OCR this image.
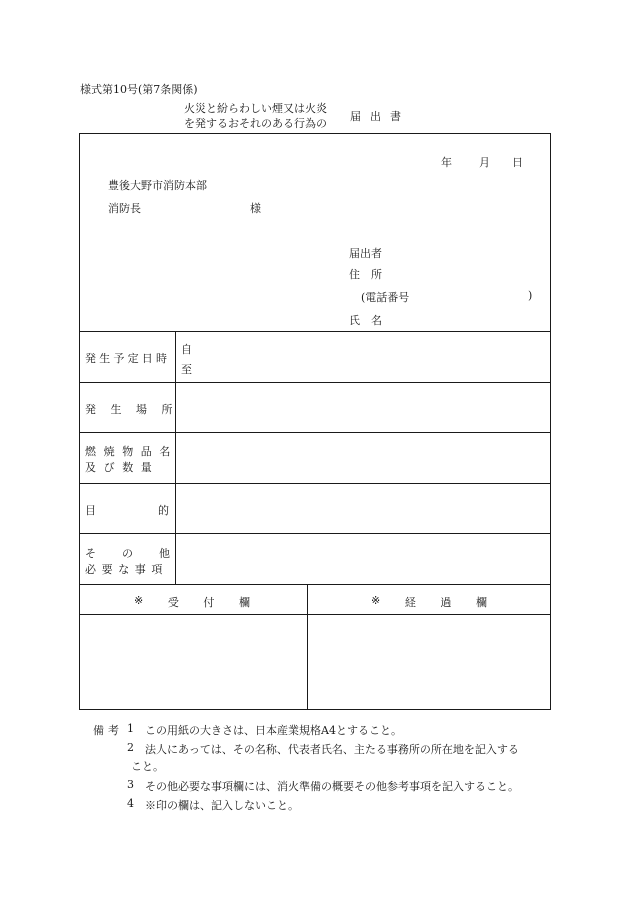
様式第10号(第7条関係)
火災と紛らわしい煙又は火炎
を発するおそれのある行為の
届出書
年 月 日
豊後大野市消防本部
消防長	様
届出者
住　所
(電話番号	)
氏　名
発生予定日時
自
至
発生場所
燃焼物品名
及び数量
目	的
そ の 他
必要な事項
※ 受 付 欄	※ 経 過 欄
備考 1 この用紙の大きさは、日本産業規格A4とすること。
2 法人にあっては、その名称、代表者氏名、主たる事務所の所在地を記入する
こと。
3 その他必要な事項欄には、消火準備の概要その他参考事項を記入すること。
4 ※印の欄は、記入しないこと。
